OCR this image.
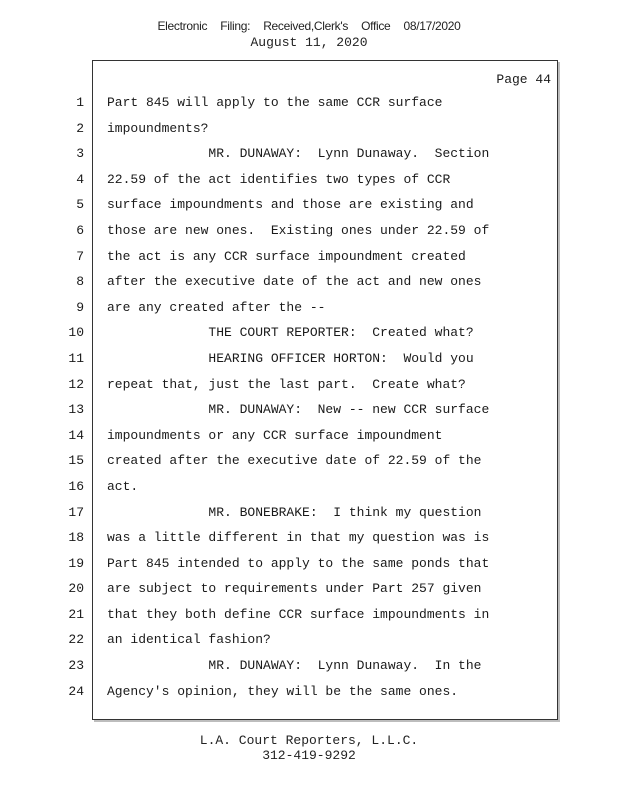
Electronic Filing: Received,Clerk's Office 08/17/2020
August 11, 2020
Page 44
1
2
3
4
5
6
7
8
9
10
11
12
13
14
15
16
17
18
19
20
21
22
23
24
Part 845 will apply to the same CCR surface
impoundments?
MR. DUNAWAY:  Lynn Dunaway.  Section
22.59 of the act identifies two types of CCR
surface impoundments and those are existing and
those are new ones.  Existing ones under 22.59 of
the act is any CCR surface impoundment created
after the executive date of the act and new ones
are any created after the --
THE COURT REPORTER:  Created what?
HEARING OFFICER HORTON:  Would you
repeat that, just the last part.  Create what?
MR. DUNAWAY:  New -- new CCR surface
impoundments or any CCR surface impoundment
created after the executive date of 22.59 of the
act.
MR. BONEBRAKE:  I think my question
was a little different in that my question was is
Part 845 intended to apply to the same ponds that
are subject to requirements under Part 257 given
that they both define CCR surface impoundments in
an identical fashion?
MR. DUNAWAY:  Lynn Dunaway.  In the
Agency's opinion, they will be the same ones.
L.A. Court Reporters, L.L.C.
312-419-9292
